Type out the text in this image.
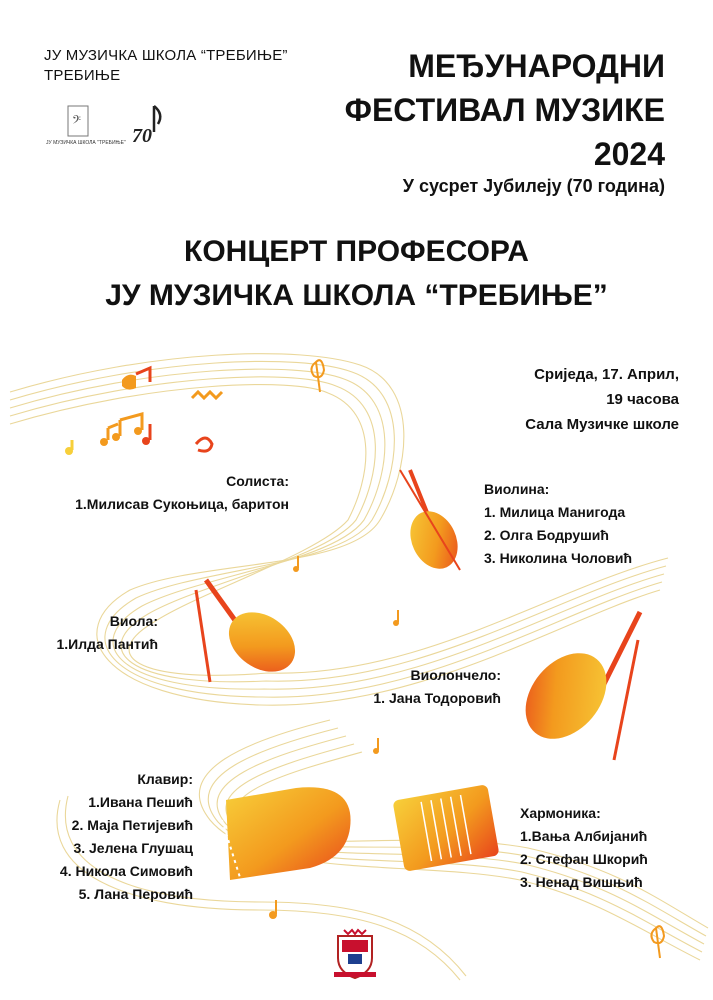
ЈУ МУЗИЧКА ШКОЛА “ТРЕБИЊЕ”
ТРЕБИЊЕ
𝄢
ЈУ МУЗИЧКА ШКОЛА "ТРЕБИЊЕ" 70
МЕЂУНАРОДНИ
ФЕСТИВАЛ МУЗИКЕ
2024
У сусрет Јубилеју (70 година)
КОНЦЕРТ ПРОФЕСОРА
ЈУ МУЗИЧКА ШКОЛА “ТРЕБИЊЕ”
Сриједа, 17. Април,
19 часова
Сала Музичке школе
Солиста:
1.Милисав Сукоњица, баритон
Виолина:
1. Милица Манигода
2. Олга Бодрушић
3. Николина Чоловић
Виола:
1.Илда Пантић
Виолончело:
1. Јана Тодоровић
Клавир:
1.Ивана Пешић
2. Маја Петијевић
3. Јелена Глушац
4. Никола Симовић
5. Лана Перовић
Хармоника:
1.Вања Албијанић
2. Стефан Шкорић
3. Ненад Вишњић
